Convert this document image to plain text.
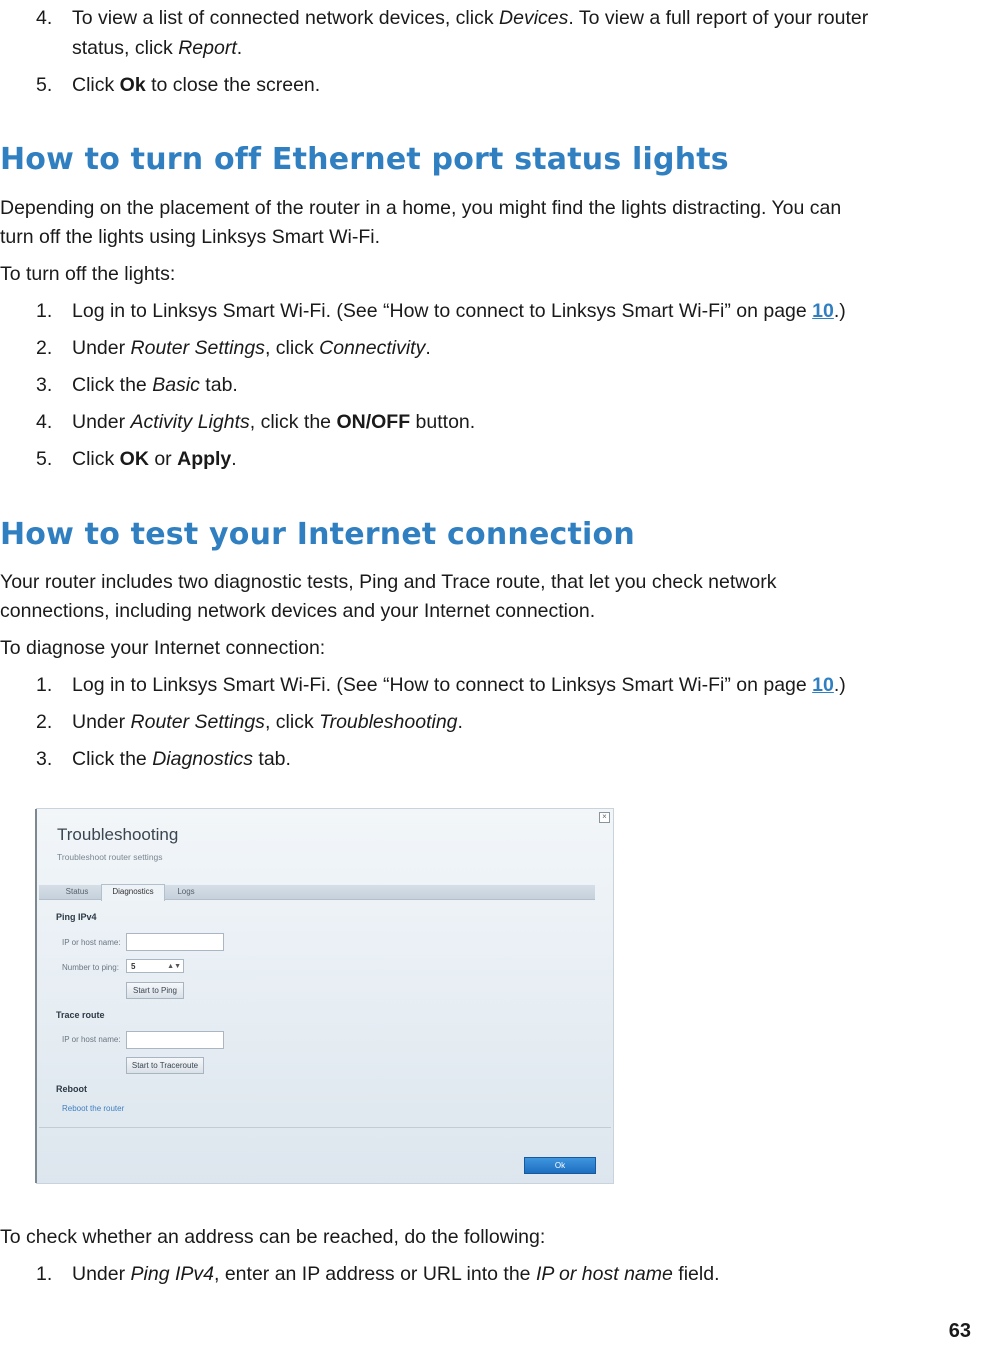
4. To view a list of connected network devices, click Devices. To view a full report of your router
status, click Report.
5. Click Ok to close the screen.
How to turn off Ethernet port status lights

Depending on the placement of the router in a home, you might find the lights distracting. You can

turn off the lights using Linksys Smart Wi-Fi.

To turn off the lights:

1. Log in to Linksys Smart Wi-Fi. (See “How to connect to Linksys Smart Wi-Fi” on page 10.)
2. Under Router Settings, click Connectivity.
3. Click the Basic tab.
4. Under Activity Lights, click the ON/OFF button.
5. Click OK or Apply.
How to test your Internet connection

Your router includes two diagnostic tests, Ping and Trace route, that let you check network

connections, including network devices and your Internet connection.

To diagnose your Internet connection:

1. Log in to Linksys Smart Wi-Fi. (See “How to connect to Linksys Smart Wi-Fi” on page 10.)
2. Under Router Settings, click Troubleshooting.
3. Click the Diagnostics tab.
×
Troubleshooting
Troubleshoot router settings
Status	Diagnostics	Logs
Ping IPv4
IP or host name:
Number to ping:	5	▲▼
Start to Ping
Trace route
IP or host name:
Start to Traceroute
Reboot
Reboot the router
Ok

To check whether an address can be reached, do the following:

1. Under Ping IPv4, enter an IP address or URL into the IP or host name field.
63
